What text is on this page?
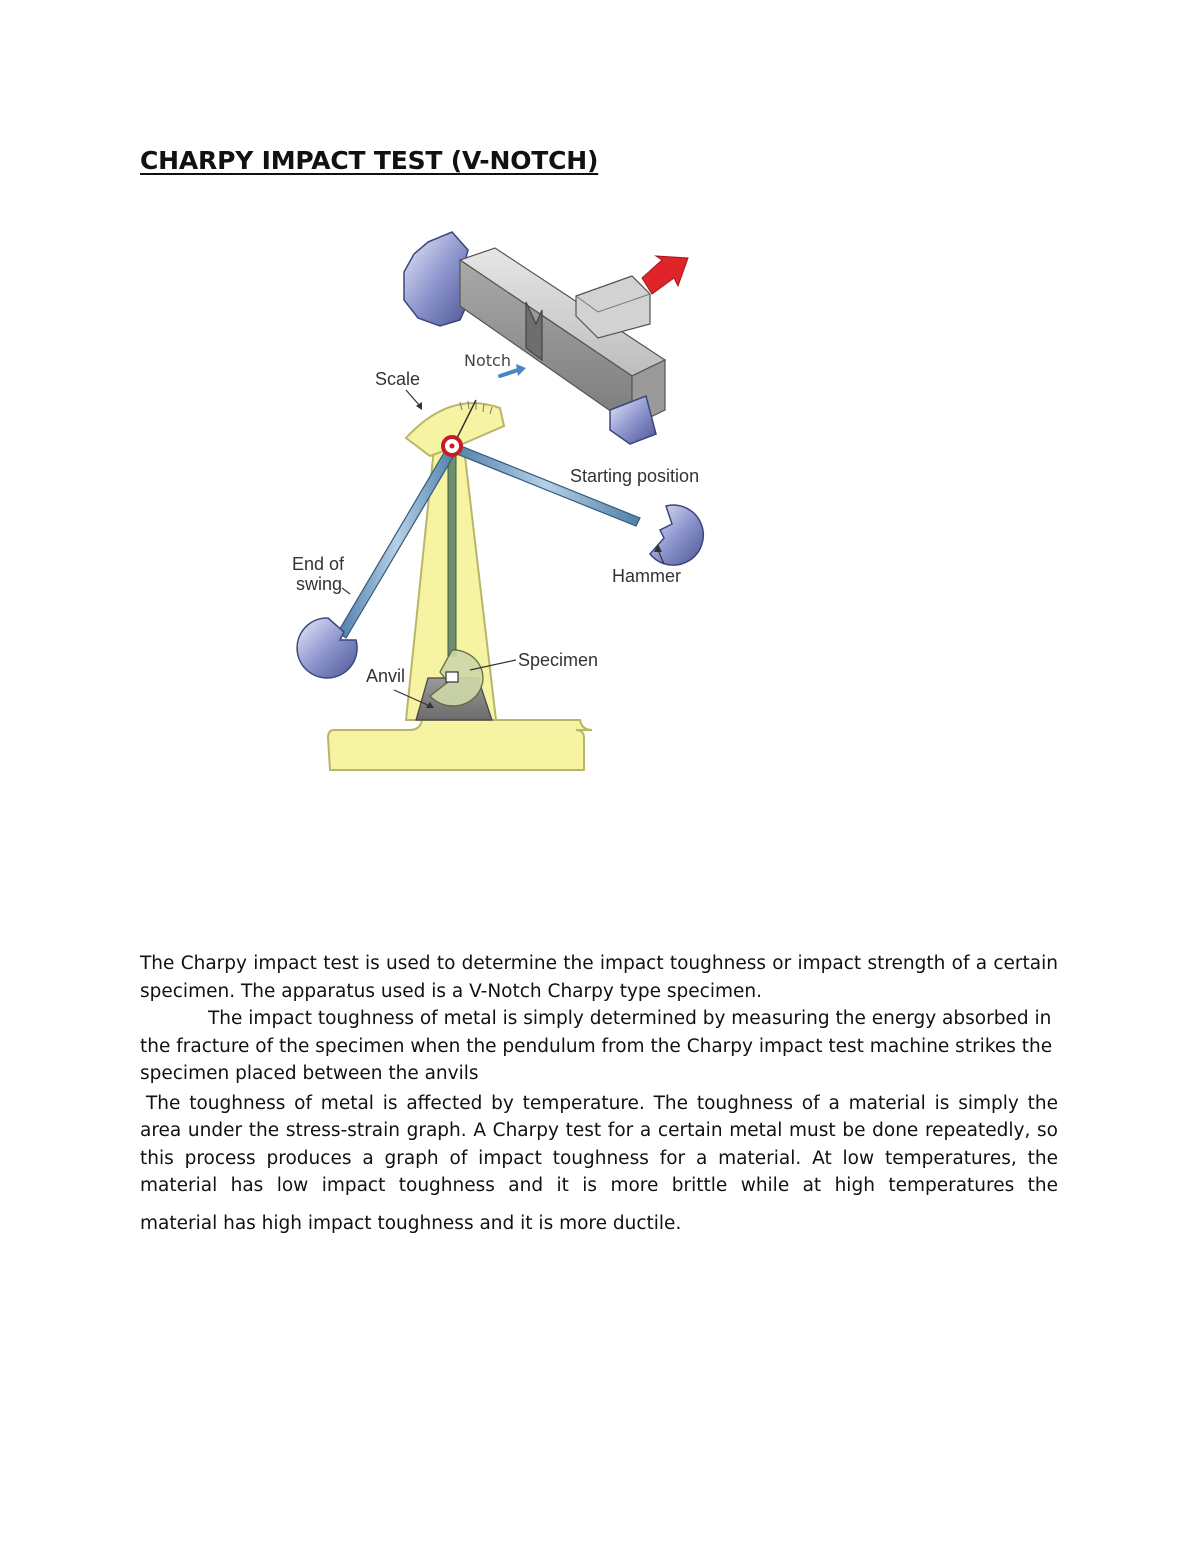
CHARPY IMPACT TEST (V-NOTCH)
Notch
Scale
Starting position
Hammer
End of
swing
Specimen
Anvil

The Charpy impact test is used to determine the impact toughness or impact strength of a certain specimen. The apparatus used is a V-Notch Charpy type specimen.

The impact toughness of metal is simply determined by measuring the energy absorbed in the fracture of the specimen when the pendulum from the Charpy impact test machine strikes the specimen placed between the anvils

The toughness of metal is affected by temperature. The toughness of a material is simply the area under the stress-strain graph. A Charpy test for a certain metal must be done repeatedly, so this process produces a graph of impact toughness for a material. At low temperatures, the material has low impact toughness and it is more brittle while at high temperatures the

material has high impact toughness and it is more ductile.
